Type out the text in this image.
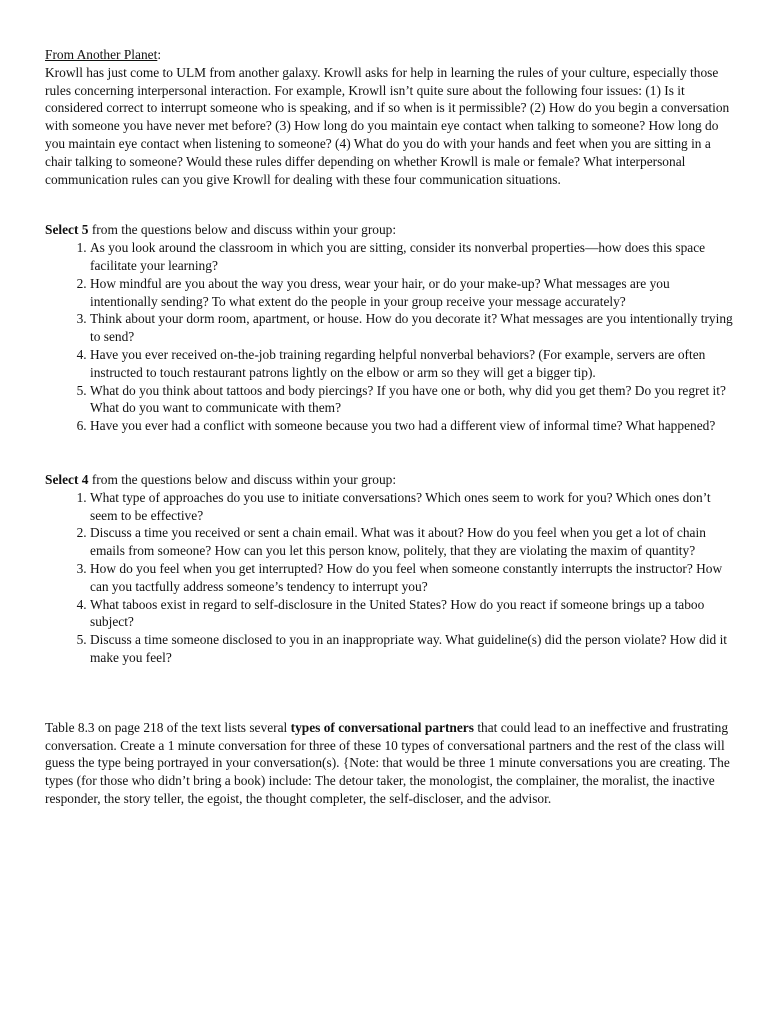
From Another Planet:

Krowll has just come to ULM from another galaxy. Krowll asks for help in learning the rules of your culture, especially those rules concerning interpersonal interaction. For example, Krowll isn’t quite sure about the following four issues: (1) Is it considered correct to interrupt someone who is speaking, and if so when is it permissible? (2) How do you begin a conversation with someone you have never met before? (3) How long do you maintain eye contact when talking to someone? How long do you maintain eye contact when listening to someone? (4) What do you do with your hands and feet when you are sitting in a chair talking to someone? Would these rules differ depending on whether Krowll is male or female? What interpersonal communication rules can you give Krowll for dealing with these four communication situations.

Select 5 from the questions below and discuss within your group:

1. As you look around the classroom in which you are sitting, consider its nonverbal properties—how does this space facilitate your learning?
2. How mindful are you about the way you dress, wear your hair, or do your make-up? What messages are you intentionally sending? To what extent do the people in your group receive your message accurately?
3. Think about your dorm room, apartment, or house. How do you decorate it? What messages are you intentionally trying to send?
4. Have you ever received on-the-job training regarding helpful nonverbal behaviors? (For example, servers are often instructed to touch restaurant patrons lightly on the elbow or arm so they will get a bigger tip).
5. What do you think about tattoos and body piercings? If you have one or both, why did you get them? Do you regret it? What do you want to communicate with them?
6. Have you ever had a conflict with someone because you two had a different view of informal time? What happened?

Select 4 from the questions below and discuss within your group:

1. What type of approaches do you use to initiate conversations? Which ones seem to work for you? Which ones don’t seem to be effective?
2. Discuss a time you received or sent a chain email. What was it about? How do you feel when you get a lot of chain emails from someone? How can you let this person know, politely, that they are violating the maxim of quantity?
3. How do you feel when you get interrupted? How do you feel when someone constantly interrupts the instructor? How can you tactfully address someone’s tendency to interrupt you?
4. What taboos exist in regard to self-disclosure in the United States? How do you react if someone brings up a taboo subject?
5. Discuss a time someone disclosed to you in an inappropriate way. What guideline(s) did the person violate? How did it make you feel?

Table 8.3 on page 218 of the text lists several types of conversational partners that could lead to an ineffective and frustrating conversation. Create a 1 minute conversation for three of these 10 types of conversational partners and the rest of the class will guess the type being portrayed in your conversation(s). {Note: that would be three 1 minute conversations you are creating. The types (for those who didn’t bring a book) include: The detour taker, the monologist, the complainer, the moralist, the inactive responder, the story teller, the egoist, the thought completer, the self-discloser, and the advisor.
